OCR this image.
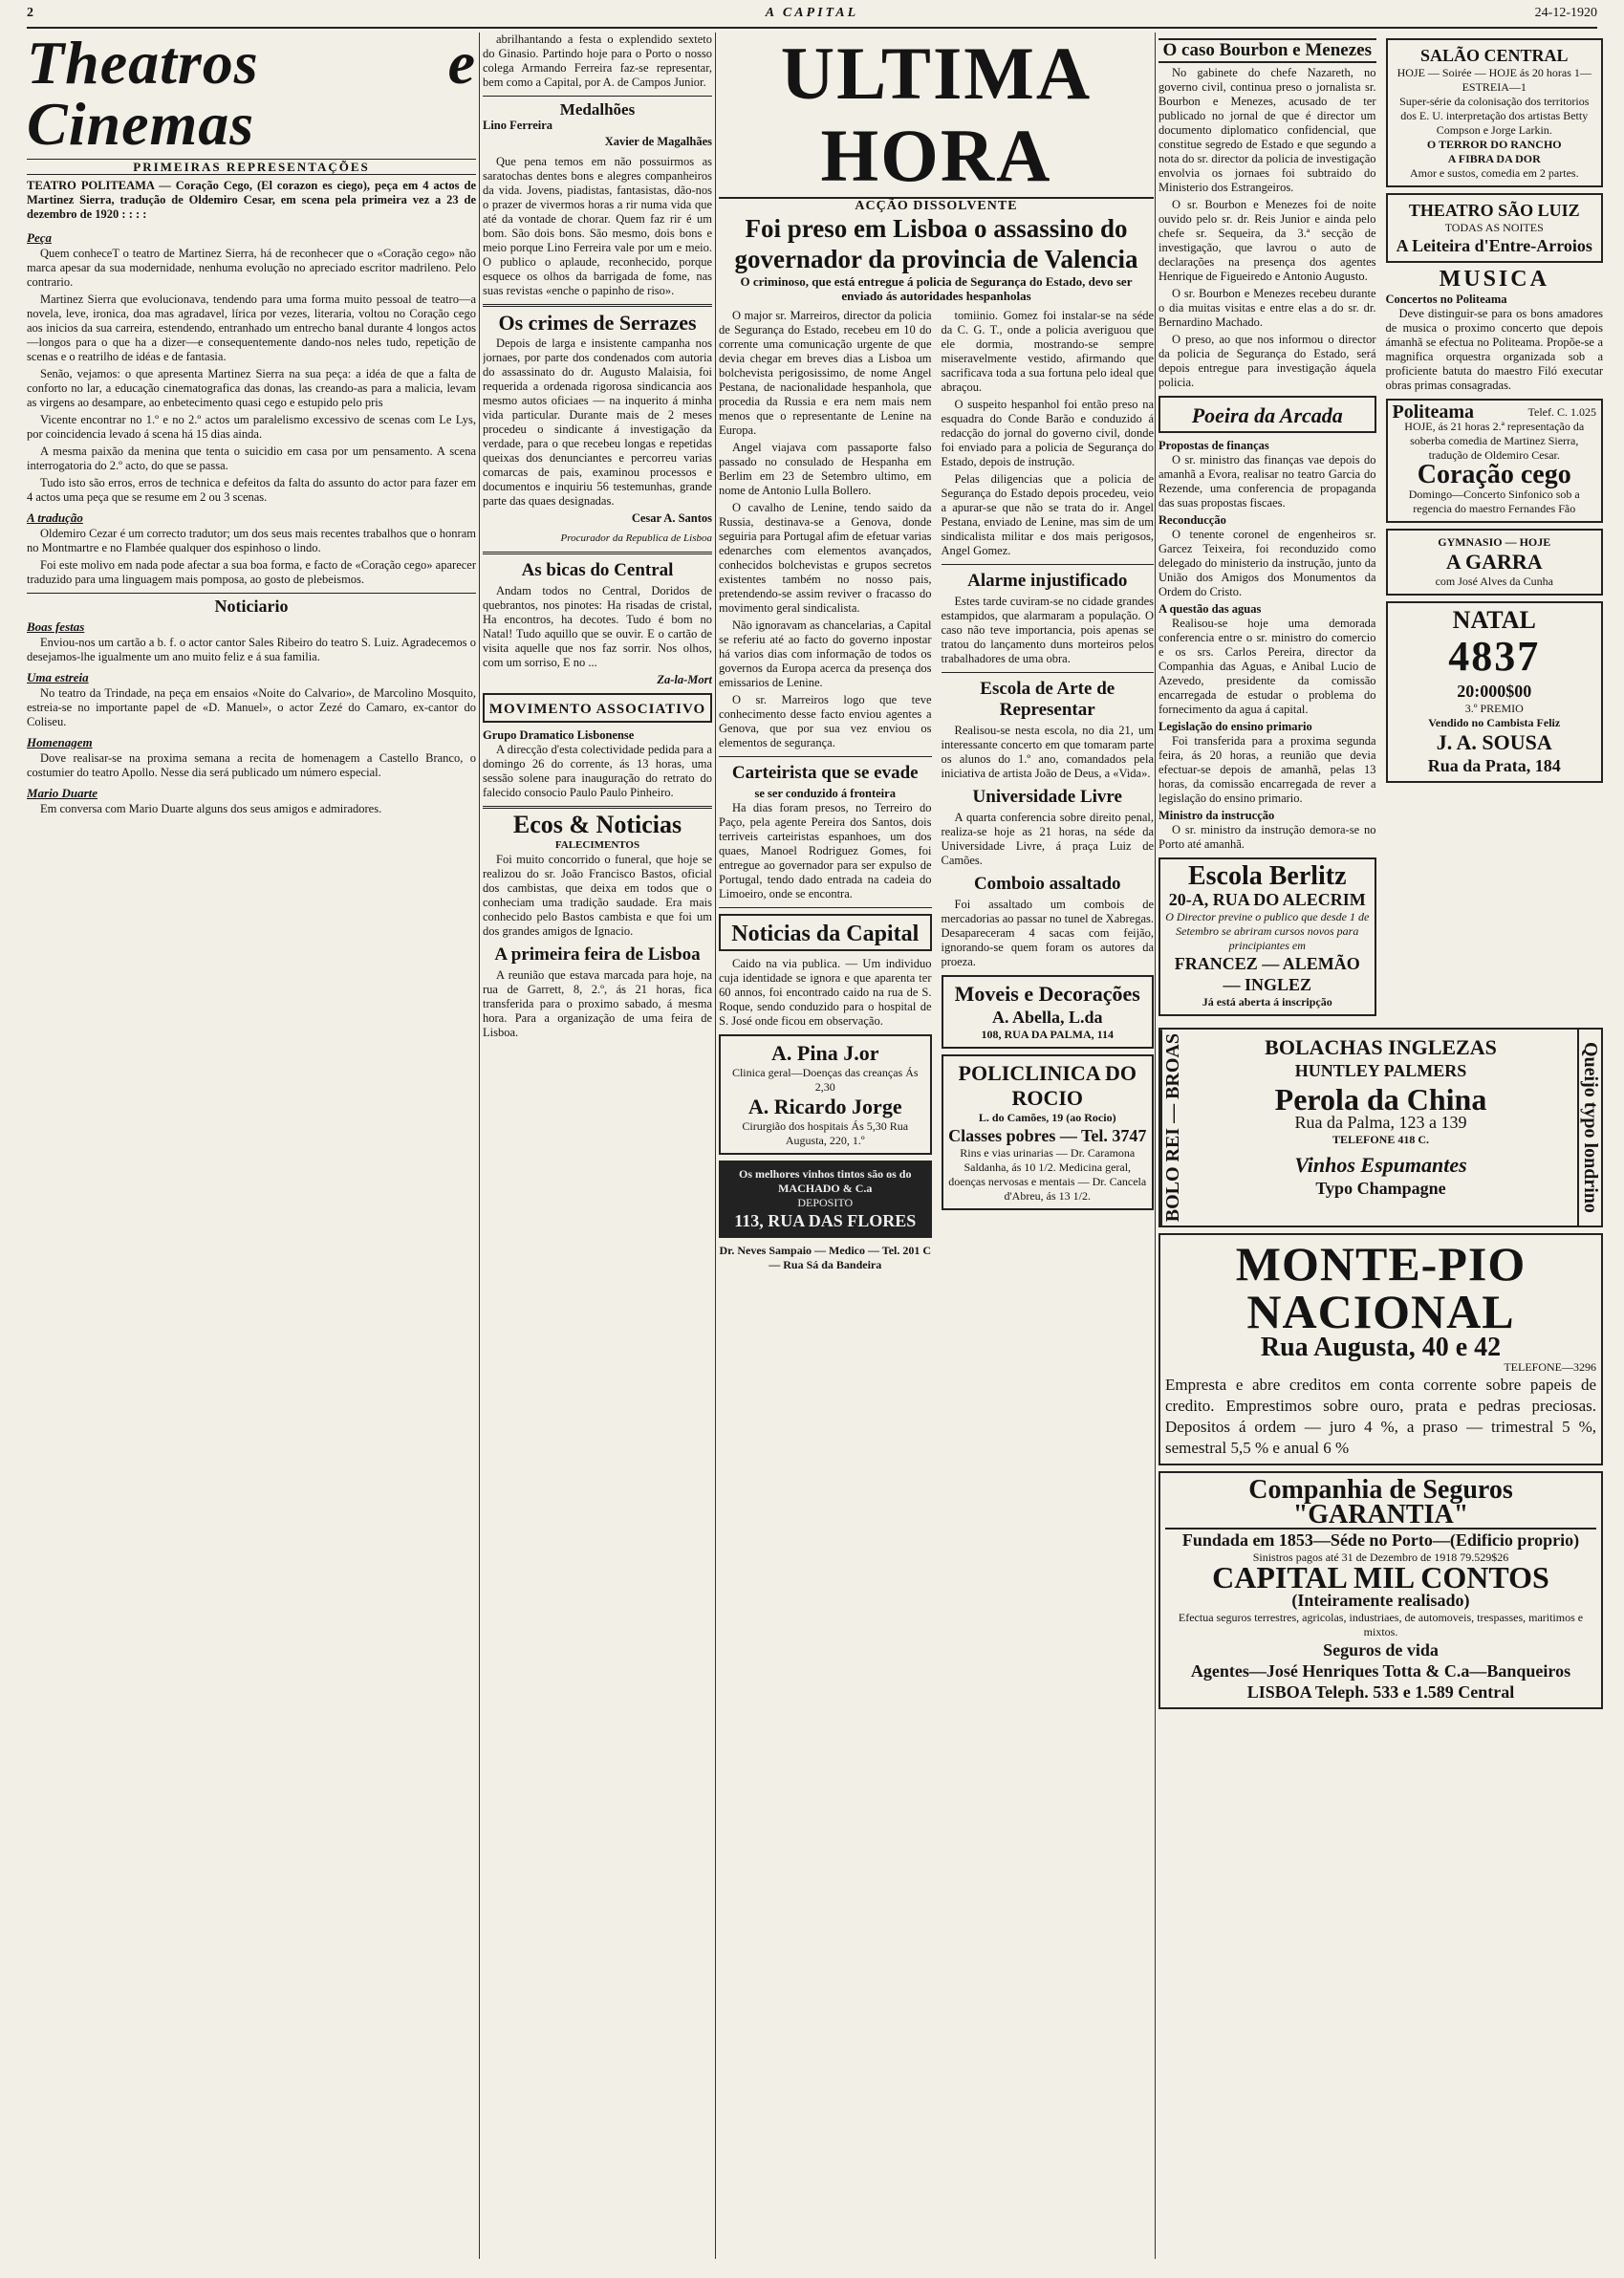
2	A CAPITAL	24-12-1920
Theatros e Cinemas
PRIMEIRAS REPRESENTAÇÕES

TEATRO POLITEAMA — Coração Cego, (El corazon es ciego), peça em 4 actos de Martinez Sierra, tradução de Oldemiro Cesar, em scena pela primeira vez a 23 de dezembro de 1920 : : : :

Peça

Quem conheceT o teatro de Martinez Sierra, há de reconhecer que o «Coração cego» não marca apesar da sua modernidade, nenhuma evolução no apreciado escritor madrileno. Pelo contrario.

Martinez Sierra que evolucionava, tendendo para uma forma muito pessoal de teatro—a novela, leve, ironica, doa mas agradavel, lírica por vezes, literaria, voltou no Coração cego aos inicios da sua carreira, estendendo, entranhado um entrecho banal durante 4 longos actos—longos para o que ha a dizer—e consequentemente dando-nos neles tudo, repetição de scenas e o reatrilho de idéas e de fantasia.

Senão, vejamos: o que apresenta Martinez Sierra na sua peça: a idéa de que a falta de conforto no lar, a educação cinematografica das donas, las creando-as para a malicia, levam as virgens ao desampare, ao enbetecimento quasi cego e estupido pelo pris

Vicente encontrar no 1.º e no 2.º actos um paralelismo excessivo de scenas com Le Lys, por coincidencia levado á scena há 15 dias ainda.

A mesma paixão da menina que tenta o suicidio em casa por um pensamento. A scena interrogatoria do 2.º acto, do que se passa.

Tudo isto são erros, erros de technica e defeitos da falta do assunto do actor para fazer em 4 actos uma peça que se resume em 2 ou 3 scenas.

A tradução

Oldemiro Cezar é um correcto tradutor; um dos seus mais recentes trabalhos que o honram no Montmartre e no Flambée qualquer dos espinhoso o lindo.

Foi este molivo em nada pode afectar a sua boa forma, e facto de «Coração cego» aparecer traduzido para uma linguagem mais pomposa, ao gosto de plebeismos.

Noticiario
Boas festas

Enviou-nos um cartão a b. f. o actor cantor Sales Ribeiro do teatro S. Luiz. Agradecemos o desejamos-lhe igualmente um ano muito feliz e á sua familia.

Uma estreia

No teatro da Trindade, na peça em ensaios «Noite do Calvario», de Marcolino Mosquito, estreia-se no importante papel de «D. Manuel», o actor Zezé do Camaro, ex-cantor do Coliseu.

Homenagem

Dove realisar-se na proxima semana a recita de homenagem a Castello Branco, o costumier do teatro Apollo. Nesse dia será publicado um número especial.

Mario Duarte

Em conversa com Mario Duarte alguns dos seus amigos e admiradores.

abrilhantando a festa o explendido sexteto do Ginasio. Partindo hoje para o Porto o nosso colega Armando Ferreira faz-se representar, bem como a Capital, por A. de Campos Junior.

Medalhões
Lino Ferreira
Xavier de Magalhães

Que pena temos em não possuirmos as saratochas dentes bons e alegres companheiros da vida. Jovens, piadistas, fantasistas, dão-nos o prazer de vivermos horas a rir numa vida que até da vontade de chorar. Quem faz rir é um bom. São dois bons. São mesmo, dois bons e meio porque Lino Ferreira vale por um e meio. O publico o aplaude, reconhecido, porque esquece os olhos da barrigada de fome, nas suas revistas «enche o papinho de riso».

Os crimes de Serrazes

Depois de larga e insistente campanha nos jornaes, por parte dos condenados com autoria do assassinato do dr. Augusto Malaisia, foi requerida a ordenada rigorosa sindicancia aos mesmo autos oficiaes — na inquerito á minha vida particular. Durante mais de 2 meses procedeu o sindicante á investigação da verdade, para o que recebeu longas e repetidas queixas dos denunciantes e percorreu varias comarcas de pais, examinou processos e documentos e inquiriu 56 testemunhas, grande parte das quaes designadas.

Cesar A. Santos
Procurador da Republica de Lisboa
As bicas do Central

Andam todos no Central, Doridos de quebrantos, nos pinotes: Ha risadas de cristal, Ha encontros, ha decotes. Tudo é bom no Natal! Tudo aquillo que se ouvir. E o cartão de visita aquelle que nos faz sorrir. Nos olhos, com um sorriso, E no ...

Za-la-Mort
MOVIMENTO ASSOCIATIVO
Grupo Dramatico Lisbonense

A direcção d'esta colectividade pedida para a domingo 26 do corrente, ás 13 horas, uma sessão solene para inauguração do retrato do falecido consocio Paulo Paulo Pinheiro.

Ecos & Noticias
FALECIMENTOS

Foi muito concorrido o funeral, que hoje se realizou do sr. João Francisco Bastos, oficial dos cambistas, que deixa em todos que o conheciam uma tradição saudade. Era mais conhecido pelo Bastos cambista e que foi um dos grandes amigos de Ignacio.

A primeira feira de Lisboa

A reunião que estava marcada para hoje, na rua de Garrett, 8, 2.º, ás 21 horas, fica transferida para o proximo sabado, á mesma hora. Para a organização de uma feira de Lisboa.

ULTIMA HORA
ACÇÃO DISSOLVENTE
Foi preso em Lisboa o assassino do governador da provincia de Valencia
O criminoso, que está entregue á policia de Segurança do Estado, devo ser enviado ás autoridades hespanholas

O major sr. Marreiros, director da policia de Segurança do Estado, recebeu em 10 do corrente uma comunicação urgente de que devia chegar em breves dias a Lisboa um bolchevista perigosissimo, de nome Angel Pestana, de nacionalidade hespanhola, que procedia da Russia e era nem mais nem menos que o representante de Lenine na Europa.

Angel viajava com passaporte falso passado no consulado de Hespanha em Berlim em 23 de Setembro ultimo, em nome de Antonio Lulla Bollero.

O cavalho de Lenine, tendo saido da Russia, destinava-se a Genova, donde seguiria para Portugal afim de efetuar varias edenarches com elementos avançados, conhecidos bolchevistas e grupos secretos existentes também no nosso pais, pretendendo-se assim reviver o fracasso do movimento geral sindicalista.

Não ignoravam as chancelarias, a Capital se referiu até ao facto do governo inpostar há varios dias com informação de todos os governos da Europa acerca da presença dos emissarios de Lenine.

O sr. Marreiros logo que teve conhecimento desse facto enviou agentes a Genova, que por sua vez enviou os elementos de segurança.

Carteirista que se evade
se ser conduzido á fronteira

Ha dias foram presos, no Terreiro do Paço, pela agente Pereira dos Santos, dois terriveis carteiristas espanhoes, um dos quaes, Manoel Rodriguez Gomes, foi entregue ao governador para ser expulso de Portugal, tendo dado entrada na cadeia do Limoeiro, onde se encontra.

Noticias da Capital

Caido na via publica. — Um individuo cuja identidade se ignora e que aparenta ter 60 annos, foi encontrado caido na rua de S. Roque, sendo conduzido para o hospital de S. José onde ficou em observação.

A. Pina J.or
Clinica geral—Doenças das creanças Ás 2,30
A. Ricardo Jorge
Cirurgião dos hospitais Ás 5,30 Rua Augusta, 220, 1.º
Os melhores vinhos tintos são os do MACHADO & C.a
DEPOSITO
113, RUA DAS FLORES
Dr. Neves Sampaio — Medico — Tel. 201 C — Rua Sá da Bandeira

tomiinio. Gomez foi instalar-se na séde da C. G. T., onde a policia averiguou que ele dormia, mostrando-se sempre miseravelmente vestido, afirmando que sacrificava toda a sua fortuna pelo ideal que abraçou.

O suspeito hespanhol foi então preso na esquadra do Conde Barão e conduzido á redacção do jornal do governo civil, donde foi enviado para a policia de Segurança do Estado, depois de instrução.

Pelas diligencias que a policia de Segurança do Estado depois procedeu, veio a apurar-se que não se trata do ir. Angel Pestana, enviado de Lenine, mas sim de um sindicalista militar e dos mais perigosos, Angel Gomez.

Alarme injustificado

Estes tarde cuviram-se no cidade grandes estampidos, que alarmaram a população. O caso não teve importancia, pois apenas se tratou do lançamento duns morteiros pelos trabalhadores de uma obra.

Escola de Arte de Representar

Realisou-se nesta escola, no dia 21, um interessante concerto em que tomaram parte os alunos do 1.º ano, comandados pela iniciativa de artista João de Deus, a «Vida».

Universidade Livre

A quarta conferencia sobre direito penal, realiza-se hoje as 21 horas, na séde da Universidade Livre, á praça Luiz de Camões.

Comboio assaltado

Foi assaltado um combois de mercadorias ao passar no tunel de Xabregas. Desapareceram 4 sacas com feijão, ignorando-se quem foram os autores da proeza.

Moveis e Decorações
A. Abella, L.da
108, RUA DA PALMA, 114
POLICLINICA DO ROCIO
L. do Camões, 19 (ao Rocio)
Classes pobres — Tel. 3747
Rins e vias urinarias — Dr. Caramona Saldanha, ás 10 1/2. Medicina geral, doenças nervosas e mentais — Dr. Cancela d'Abreu, ás 13 1/2.
O caso Bourbon e Menezes

No gabinete do chefe Nazareth, no governo civil, continua preso o jornalista sr. Bourbon e Menezes, acusado de ter publicado no jornal de que é director um documento diplomatico confidencial, que constitue segredo de Estado e que segundo a nota do sr. director da policia de investigação envolvia os jornaes foi subtraido do Ministerio dos Estrangeiros.

O sr. Bourbon e Menezes foi de noite ouvido pelo sr. dr. Reis Junior e ainda pelo chefe sr. Sequeira, da 3.ª secção de investigação, que lavrou o auto de declarações na presença dos agentes Henrique de Figueiredo e Antonio Augusto.

O sr. Bourbon e Menezes recebeu durante o dia muitas visitas e entre elas a do sr. dr. Bernardino Machado.

O preso, ao que nos informou o director da policia de Segurança do Estado, será depois entregue para investigação áquela policia.

Poeira da Arcada
Propostas de finanças

O sr. ministro das finanças vae depois do amanhã a Evora, realisar no teatro Garcia do Rezende, uma conferencia de propaganda das suas propostas fiscaes.

Reconducção

O tenente coronel de engenheiros sr. Garcez Teixeira, foi reconduzido como delegado do ministerio da instrução, junto da União dos Amigos dos Monumentos da Ordem do Cristo.

A questão das aguas

Realisou-se hoje uma demorada conferencia entre o sr. ministro do comercio e os srs. Carlos Pereira, director da Companhia das Aguas, e Anibal Lucio de Azevedo, presidente da comissão encarregada de estudar o problema do fornecimento da agua á capital.

Legislação do ensino primario

Foi transferida para a proxima segunda feira, ás 20 horas, a reunião que devia efectuar-se depois de amanhã, pelas 13 horas, da comissão encarregada de rever a legislação do ensino primario.

Ministro da instrucção

O sr. ministro da instrução demora-se no Porto até amanhã.

Escola Berlitz
20-A, RUA DO ALECRIM
O Director previne o publico que desde 1 de Setembro se abriram cursos novos para principiantes em
FRANCEZ — ALEMÃO — INGLEZ
Já está aberta á inscripção
SALÃO CENTRAL
HOJE — Soirée — HOJE ás 20 horas 1—ESTREIA—1
Super-série da colonisação dos territorios dos E. U. interpretação dos artistas Betty Compson e Jorge Larkin.
O TERROR DO RANCHO
A FIBRA DA DOR
Amor e sustos, comedia em 2 partes.
THEATRO SÃO LUIZ
TODAS AS NOITES
A Leiteira d'Entre-Arroios
MUSICA
Concertos no Politeama

Deve distinguir-se para os bons amadores de musica o proximo concerto que depois ámanhã se efectua no Politeama. Propõe-se a magnifica orquestra organizada sob a proficiente batuta do maestro Filó executar obras primas consagradas.

Politeama	Telef. C. 1.025
HOJE, ás 21 horas 2.ª representação da soberba comedia de Martinez Sierra, tradução de Oldemiro Cesar.
Coração cego
Domingo—Concerto Sinfonico sob a regencia do maestro Fernandes Fão
GYMNASIO — HOJE
A GARRA
com José Alves da Cunha
NATAL
4837
20:000$00
3.º PREMIO
Vendido no Cambista Feliz
J. A. SOUSA
Rua da Prata, 184
BOLO REI — BROAS	BOLACHAS INGLEZAS
HUNTLEY PALMERS
Perola da China
Rua da Palma, 123 a 139
TELEFONE 418 C.
Vinhos Espumantes
Typo Champagne	Queijo typo londrino
MONTE-PIO NACIONAL
Rua Augusta, 40 e 42
TELEFONE—3296
Empresta e abre creditos em conta corrente sobre papeis de credito. Emprestimos sobre ouro, prata e pedras preciosas. Depositos á ordem — juro 4 %, a praso — trimestral 5 %, semestral 5,5 % e anual 6 %
Companhia de Seguros "GARANTIA"
Fundada em 1853—Séde no Porto—(Edificio proprio)
Sinistros pagos até 31 de Dezembro de 1918 79.529$26
CAPITAL MIL CONTOS
(Inteiramente realisado)
Efectua seguros terrestres, agricolas, industriaes, de automoveis, trespasses, maritimos e mixtos.
Seguros de vida
Agentes—José Henriques Totta & C.a—Banqueiros
LISBOA Teleph. 533 e 1.589 Central
